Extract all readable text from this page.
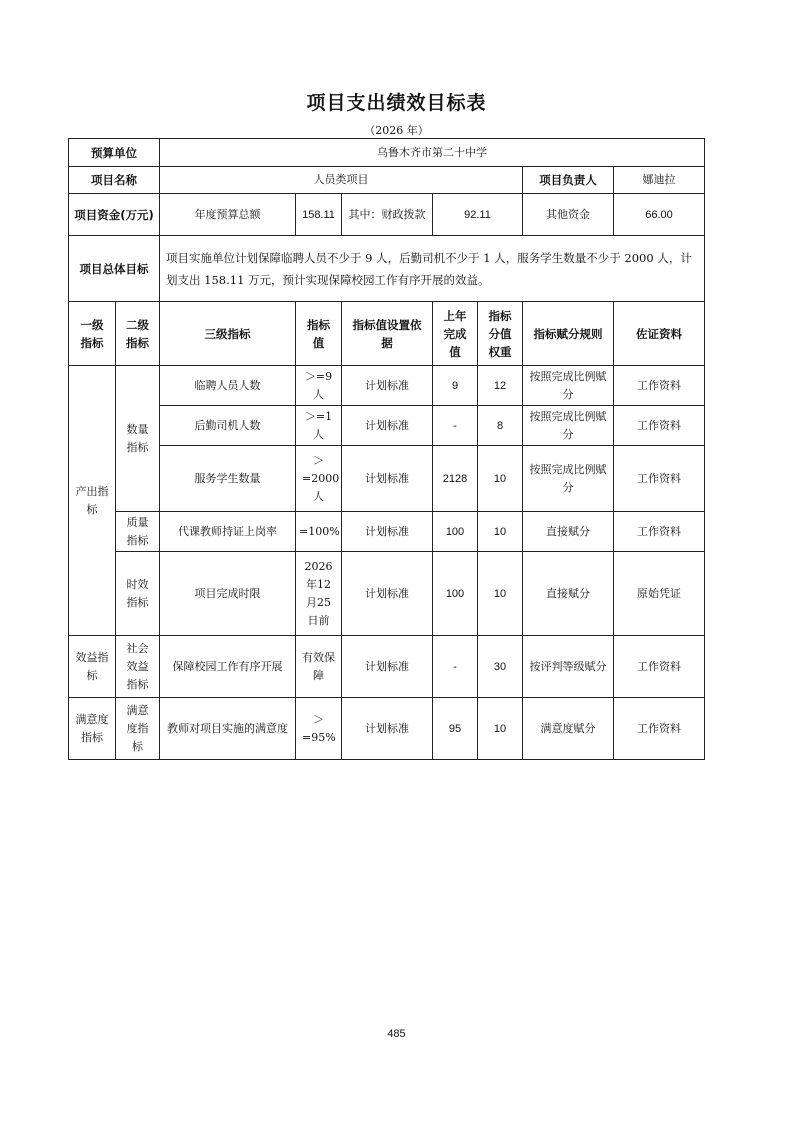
项目支出绩效目标表
（2026 年）
预算单位		乌鲁木齐市第二十中学						
项目名称		人员类项目					项目负责人	娜迪拉
项目资金(万元)		年度预算总额	158.11	其中：财政拨款	92.11		其他资金	66.00
项目总体目标		项目实施单位计划保障临聘人员不少于 9 人，后勤司机不少于 1 人，服务学生数量不少于 2000 人，计划支出 158.11 万元，预计实现保障校园工作有序开展的效益。						
一级指标	二级指标	三级指标	指标值	指标值设置依据	上年完成值	指标分值权重	指标赋分规则	佐证资料
产出指标	数量指标	临聘人员人数	＞=9人	计划标准	9	12	按照完成比例赋分	工作资料
		后勤司机人数	＞=1人	计划标准	-	8	按照完成比例赋分	工作资料
		服务学生数量	＞=2000人	计划标准	2128	10	按照完成比例赋分	工作资料
	质量指标	代课教师持证上岗率	=100%	计划标准	100	10	直接赋分	工作资料
	时效指标	项目完成时限	2026年12月25日前	计划标准	100	10	直接赋分	原始凭证
效益指标	社会效益指标	保障校园工作有序开展	有效保障	计划标准	-	30	按评判等级赋分	工作资料
满意度指标	满意度指标	教师对项目实施的满意度	＞=95%	计划标准	95	10	满意度赋分	工作资料
485
